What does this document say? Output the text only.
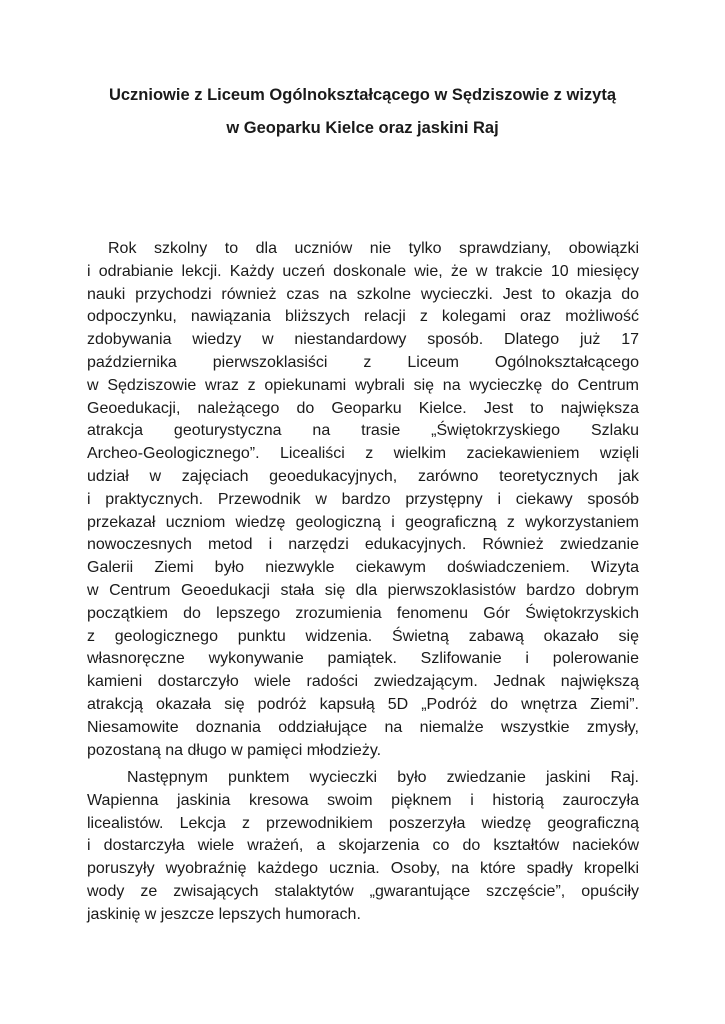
Uczniowie z Liceum Ogólnokształcącego w Sędziszowie z wizytą
w Geoparku Kielce oraz jaskini Raj
Rok szkolny to dla uczniów nie tylko sprawdziany, obowiązki
i odrabianie lekcji. Każdy uczeń doskonale wie, że w trakcie 10 miesięcy
nauki przychodzi również czas na szkolne wycieczki. Jest to okazja do
odpoczynku, nawiązania bliższych relacji z kolegami oraz możliwość
zdobywania wiedzy w niestandardowy sposób. Dlatego już 17
października pierwszoklasiści z Liceum Ogólnokształcącego
w Sędziszowie wraz z opiekunami wybrali się na wycieczkę do Centrum
Geoedukacji, należącego do Geoparku Kielce. Jest to największa
atrakcja geoturystyczna na trasie „Świętokrzyskiego Szlaku
Archeo-Geologicznego”. Licealiści z wielkim zaciekawieniem wzięli
udział w zajęciach geoedukacyjnych, zarówno teoretycznych jak
i praktycznych. Przewodnik w bardzo przystępny i ciekawy sposób
przekazał uczniom wiedzę geologiczną i geograficzną z wykorzystaniem
nowoczesnych metod i narzędzi edukacyjnych. Również zwiedzanie
Galerii Ziemi było niezwykle ciekawym doświadczeniem. Wizyta
w Centrum Geoedukacji stała się dla pierwszoklasistów bardzo dobrym
początkiem do lepszego zrozumienia fenomenu Gór Świętokrzyskich
z geologicznego punktu widzenia. Świetną zabawą okazało się
własnoręczne wykonywanie pamiątek. Szlifowanie i polerowanie
kamieni dostarczyło wiele radości zwiedzającym. Jednak największą
atrakcją okazała się podróż kapsułą 5D „Podróż do wnętrza Ziemi”.
Niesamowite doznania oddziałujące na niemalże wszystkie zmysły,
pozostaną na długo w pamięci młodzieży.
Następnym punktem wycieczki było zwiedzanie jaskini Raj.
Wapienna jaskinia kresowa swoim pięknem i historią zauroczyła
licealistów. Lekcja z przewodnikiem poszerzyła wiedzę geograficzną
i dostarczyła wiele wrażeń, a skojarzenia co do kształtów nacieków
poruszyły wyobraźnię każdego ucznia. Osoby, na które spadły kropelki
wody ze zwisających stalaktytów „gwarantujące szczęście”, opuściły
jaskinię w jeszcze lepszych humorach.
